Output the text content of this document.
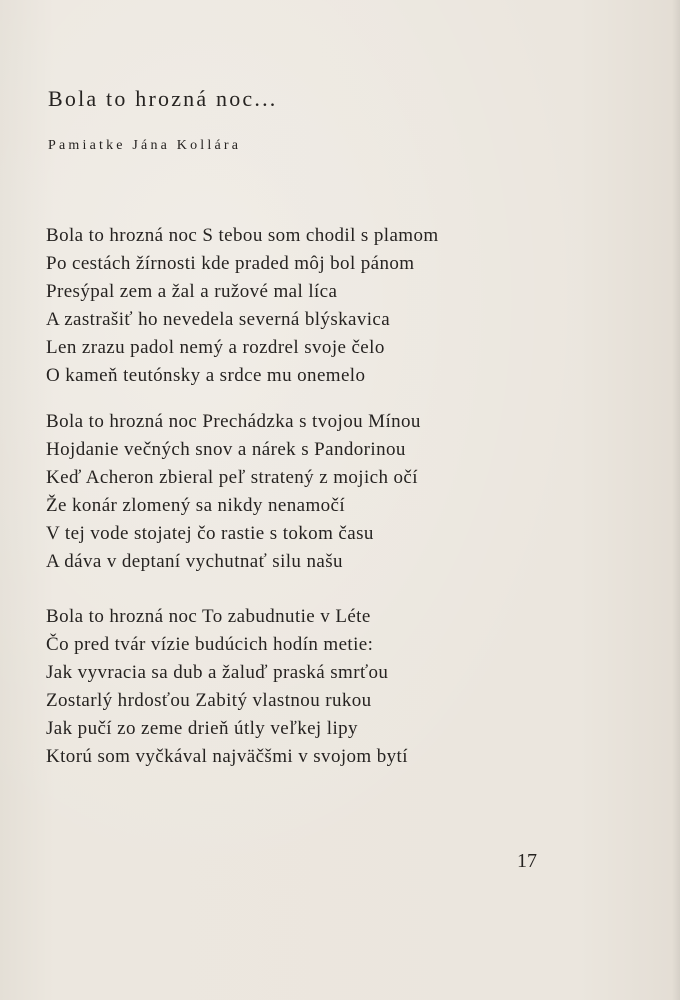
Bola to hrozná noc...

Pamiatke Jána Kollára

Bola to hrozná noc S tebou som chodil s plamom
Po cestách žírnosti kde praded môj bol pánom
Presýpal zem a žal a ružové mal líca
A zastrašiť ho nevedela severná blýskavica
Len zrazu padol nemý a rozdrel svoje čelo
O kameň teutónsky a srdce mu onemelo
Bola to hrozná noc Prechádzka s tvojou Mínou
Hojdanie večných snov a nárek s Pandorinou
Keď Acheron zbieral peľ stratený z mojich očí
Že konár zlomený sa nikdy nenamočí
V tej vode stojatej čo rastie s tokom času
A dáva v deptaní vychutnať silu našu
Bola to hrozná noc To zabudnutie v Léte
Čo pred tvár vízie budúcich hodín metie:
Jak vyvracia sa dub a žaluď praská smrťou
Zostarlý hrdosťou Zabitý vlastnou rukou
Jak pučí zo zeme drieň útly veľkej lipy
Ktorú som vyčkával najväčšmi v svojom bytí
17
